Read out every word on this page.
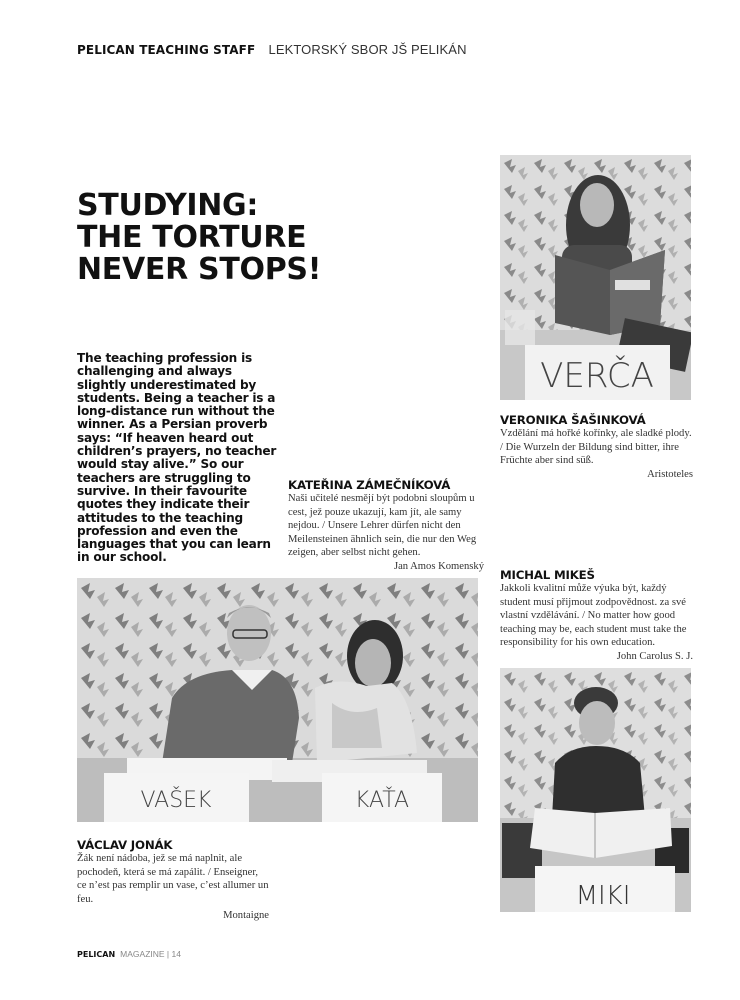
PELICAN TEACHING STAFF LEKTORSKÝ SBOR JŠ PELIKÁN
STUDYING:
THE TORTURE
NEVER STOPS!
The teaching profession is challenging and always slightly underestimated by students. Being a teacher is a long-distance run without the winner. As a Persian proverb says: “If heaven heard out children’s prayers, no teacher would stay alive.” So our teachers are struggling to survive. In their favourite quotes they indicate their attitudes to the teaching profession and even the languages that you can learn in our school.
VERČA
VERONIKA ŠAŠINKOVÁ
Vzdělání má hořké kořínky, ale sladké plody. / Die Wurzeln der Bildung sind bitter, ihre Früchte aber sind süß.
Aristoteles
KATEŘINA ZÁMEČNÍKOVÁ
Naši učitelé nesmějí být podobni sloupům u cest, jež pouze ukazují, kam jít, ale samy nejdou. / Unsere Lehrer dürfen nicht den Meilensteinen ähnlich sein, die nur den Weg zeigen, aber selbst nicht gehen.
Jan Amos Komenský
MICHAL MIKEŠ
Jakkoli kvalitní může výuka být, každý student musí přijmout zodpovědnost. za své vlastní vzdělávání. / No matter how good teaching may be, each student must take the responsibility for his own education.
John Carolus S. J.
VAŠEK	KAŤA
MIKI
VÁCLAV JONÁK
Žák není nádoba, jež se má naplnit, ale pochodeň, která se má zapálit. / Enseigner, ce n’est pas remplir un vase, c’est allumer un feu.
Montaigne
PELICAN MAGAZINE | 14
